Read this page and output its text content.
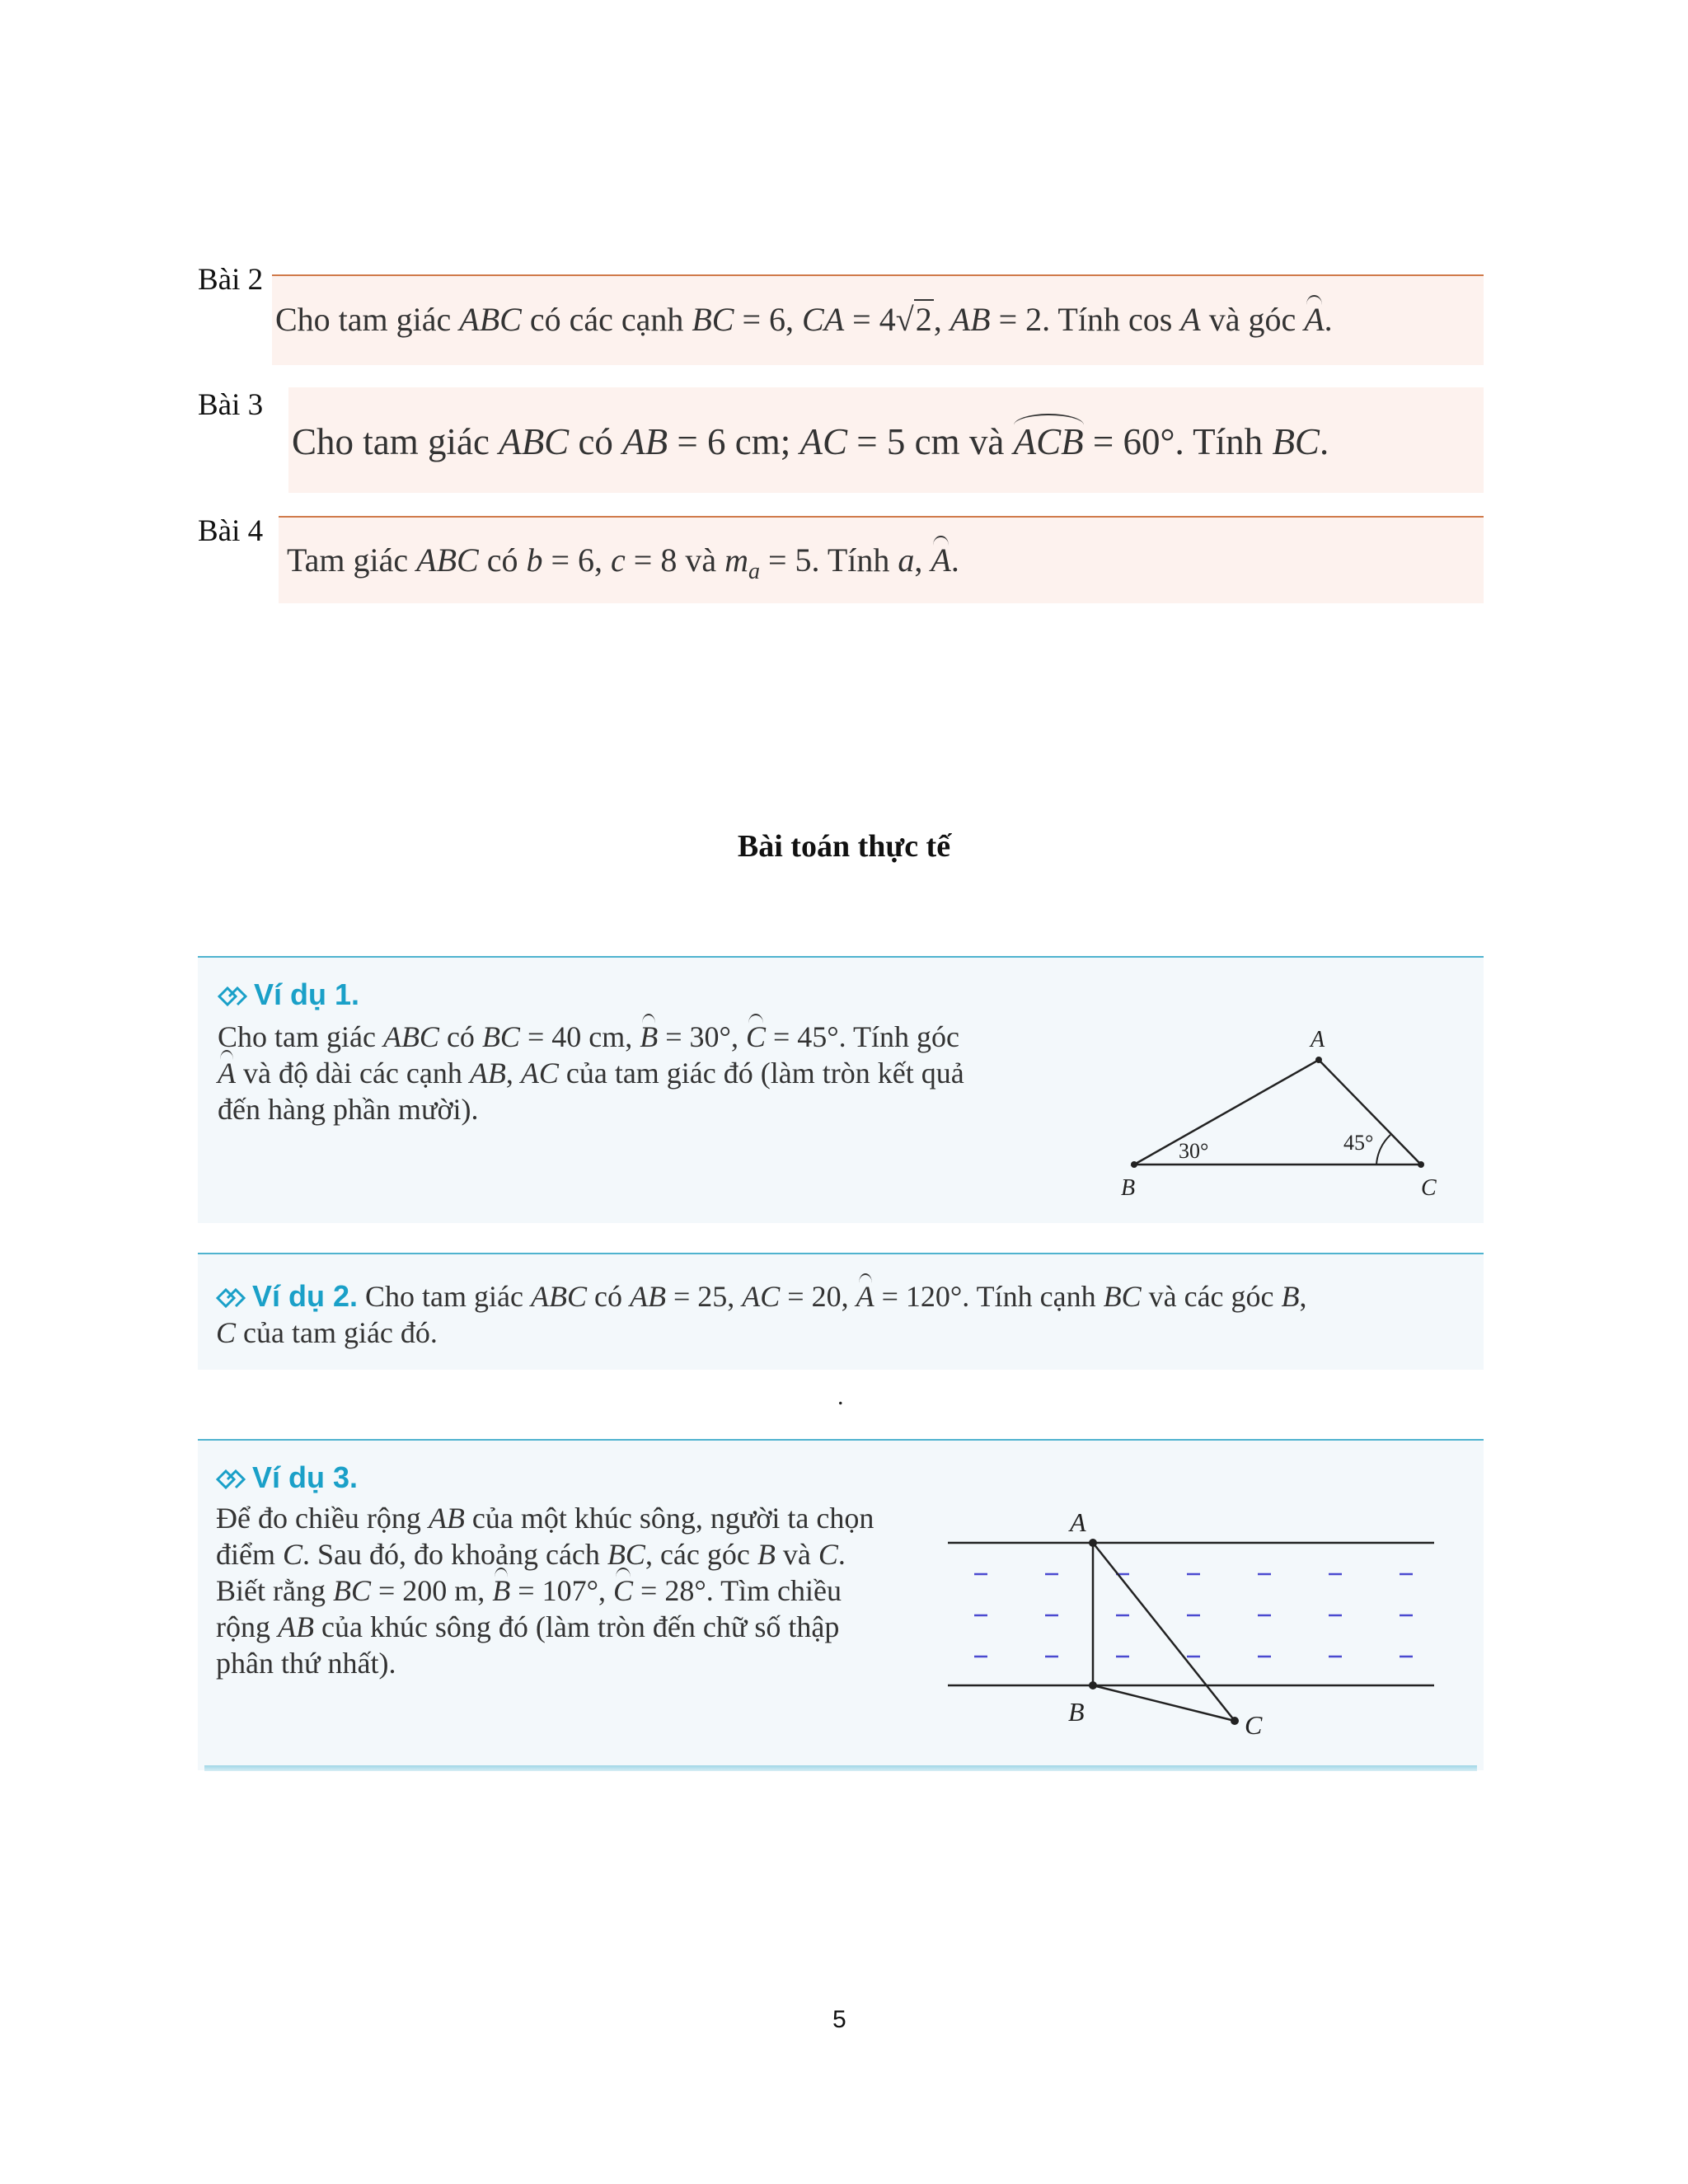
Bài 2
Cho tam giác ABC có các cạnh BC = 6, CA = 4√2, AB = 2. Tính cos A và góc A.
Bài 3
Cho tam giác ABC có AB = 6 cm; AC = 5 cm và ACB = 60°. Tính BC.
Bài 4
Tam giác ABC có b = 6, c = 8 và $m_a = 5$. Tính a, A.
Bài toán thực tế
Ví dụ 1.
Cho tam giác ABC có BC = 40 cm, B = 30°, C = 45°. Tính góc
A và độ dài các cạnh AB, AC của tam giác đó (làm tròn kết quả
đến hàng phần mười).
A
B	C
30°	45°
Ví dụ 2. Cho tam giác ABC có AB = 25, AC = 20, A = 120°. Tính cạnh BC và các góc B,
C của tam giác đó.
.
Ví dụ 3.
Để đo chiều rộng AB của một khúc sông, người ta chọn
điểm C. Sau đó, đo khoảng cách BC, các góc B và C.
Biết rằng BC = 200 m, B = 107°, C = 28°. Tìm chiều
rộng AB của khúc sông đó (làm tròn đến chữ số thập
phân thứ nhất).
A
B	C
5
